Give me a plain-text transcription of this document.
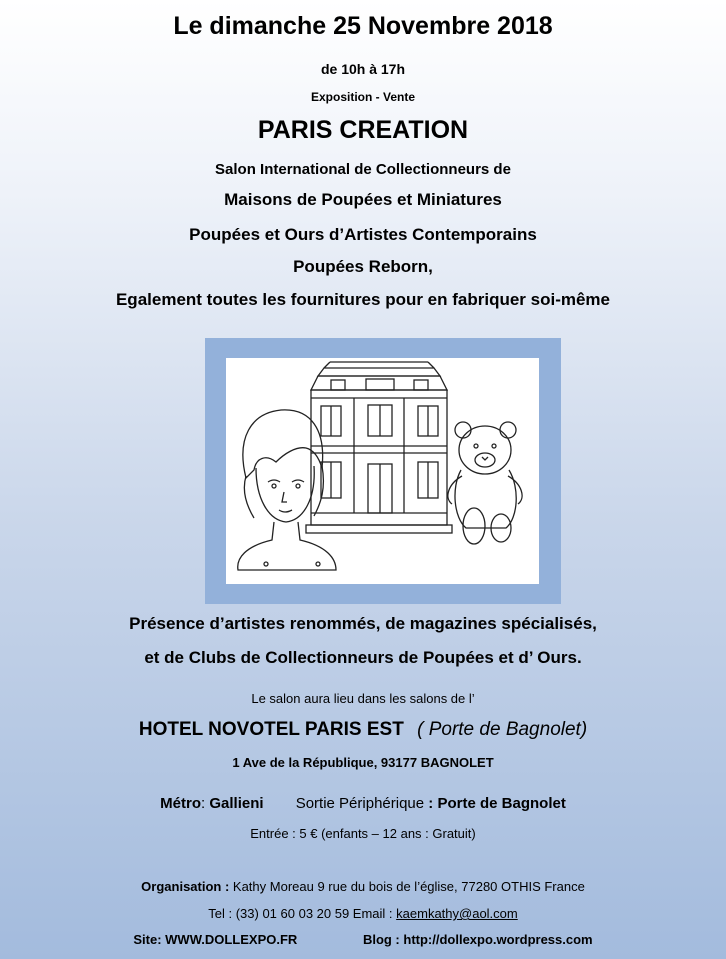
Le dimanche 25 Novembre 2018
de 10h à 17h
Exposition - Vente
PARIS CREATION
Salon International de Collectionneurs de
Maisons de Poupées et Miniatures
Poupées et Ours d’Artistes Contemporains
Poupées Reborn,
Egalement toutes les fournitures pour en fabriquer soi-même
Présence d’artistes renommés, de magazines spécialisés,
et de Clubs de Collectionneurs de Poupées et d’ Ours.
Le salon aura lieu dans les salons de l’
HOTEL NOVOTEL PARIS EST ( Porte de Bagnolet)
1 Ave de la République, 93177 BAGNOLET
Métro: Gallieni Sortie Périphérique : Porte de Bagnolet
Entrée : 5 € (enfants – 12 ans : Gratuit)
Organisation : Kathy Moreau 9 rue du bois de l’église, 77280 OTHIS France
Tel : (33) 01 60 03 20 59 Email : kaemkathy@aol.com
Site: WWW.DOLLEXPO.FR	Blog : http://dollexpo.wordpress.com
